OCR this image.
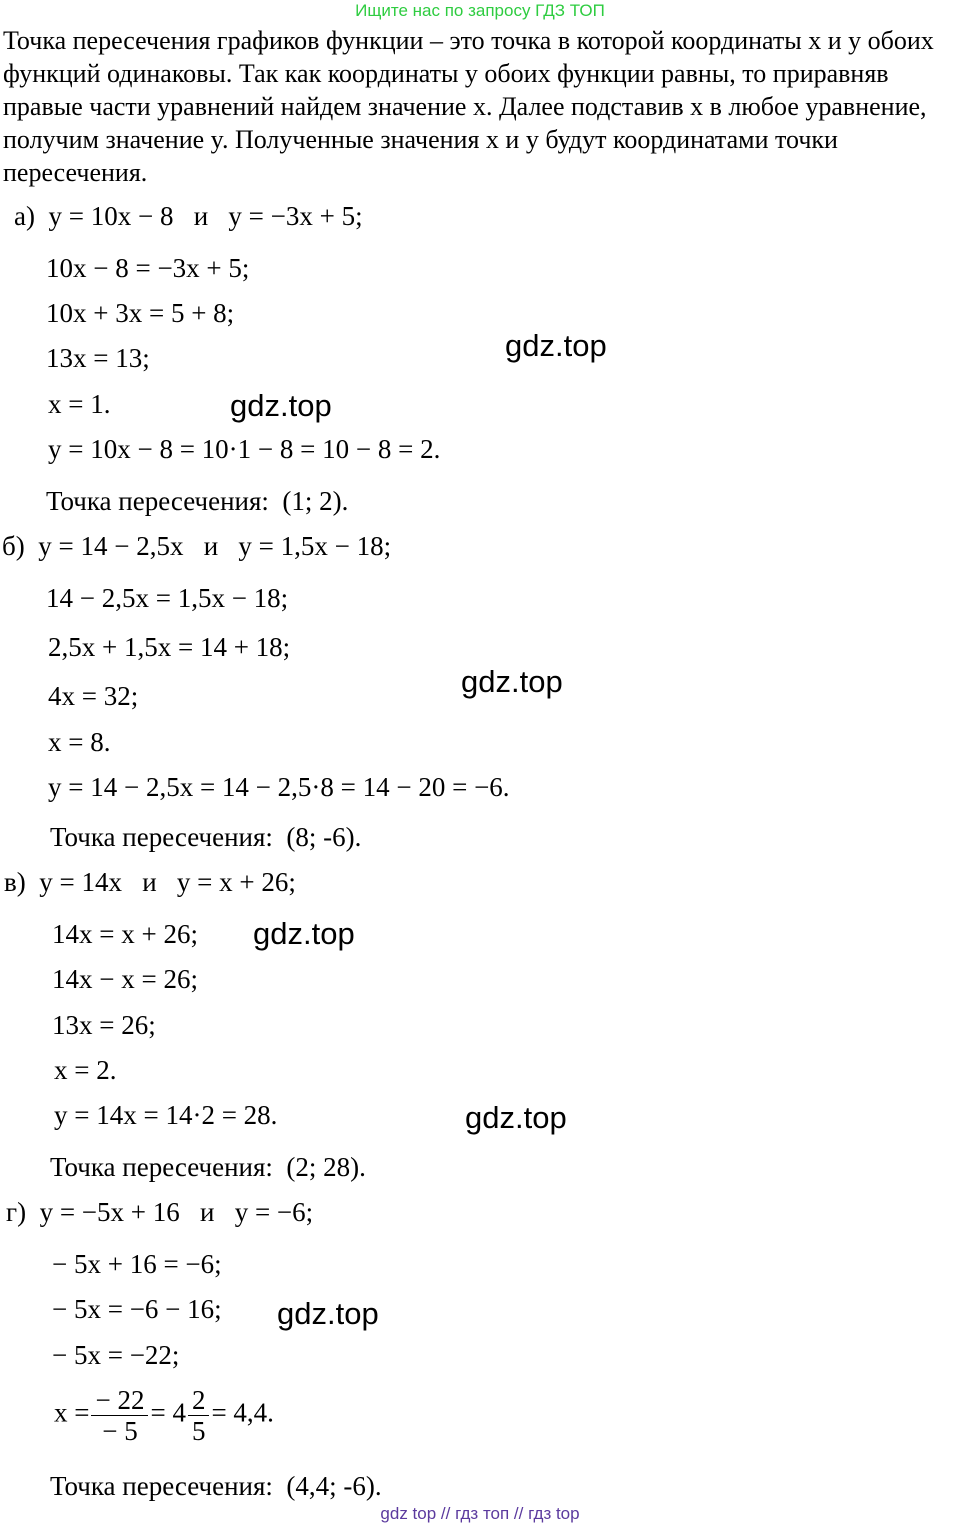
Ищите нас по запросу ГДЗ ТОП

Точка пересечения графиков функции – это точка в которой координаты x и y обоих функций одинаковы. Так как координаты y обоих функции равны, то приравняв правые части уравнений найдем значение x. Далее подставив x в любое уравнение, получим значение y. Полученные значения x и y будут координатами точки пересечения.

а) y = 10x − 8   и   y = −3x + 5;
10x − 8 = −3x + 5;
10x + 3x = 5 + 8;
13x = 13;
x = 1.
y = 10x − 8 = 10·1 − 8 = 10 − 8 = 2.
Точка пересечения:  (1; 2).
б) y = 14 − 2,5x   и   y = 1,5x − 18;
14 − 2,5x = 1,5x − 18;
2,5x + 1,5x = 14 + 18;
4x = 32;
x = 8.
y = 14 − 2,5x = 14 − 2,5·8 = 14 − 20 = −6.
Точка пересечения:  (8; -6).
в) y = 14x   и   y = x + 26;
14x = x + 26;
14x − x = 26;
13x = 26;
x = 2.
y = 14x = 14·2 = 28.
Точка пересечения:  (2; 28).
г) y = −5x + 16   и   y = −6;
− 5x + 16 = −6;
− 5x = −6 − 16;
− 5x = −22;
$x = \frac{- 22}{- 5} = 4 \frac{2}{5} = 4,4$.
Точка пересечения:  (4,4; -6).
gdz.top
gdz.top
gdz.top
gdz.top
gdz.top
gdz.top
gdz top // гдз топ // гдз top
